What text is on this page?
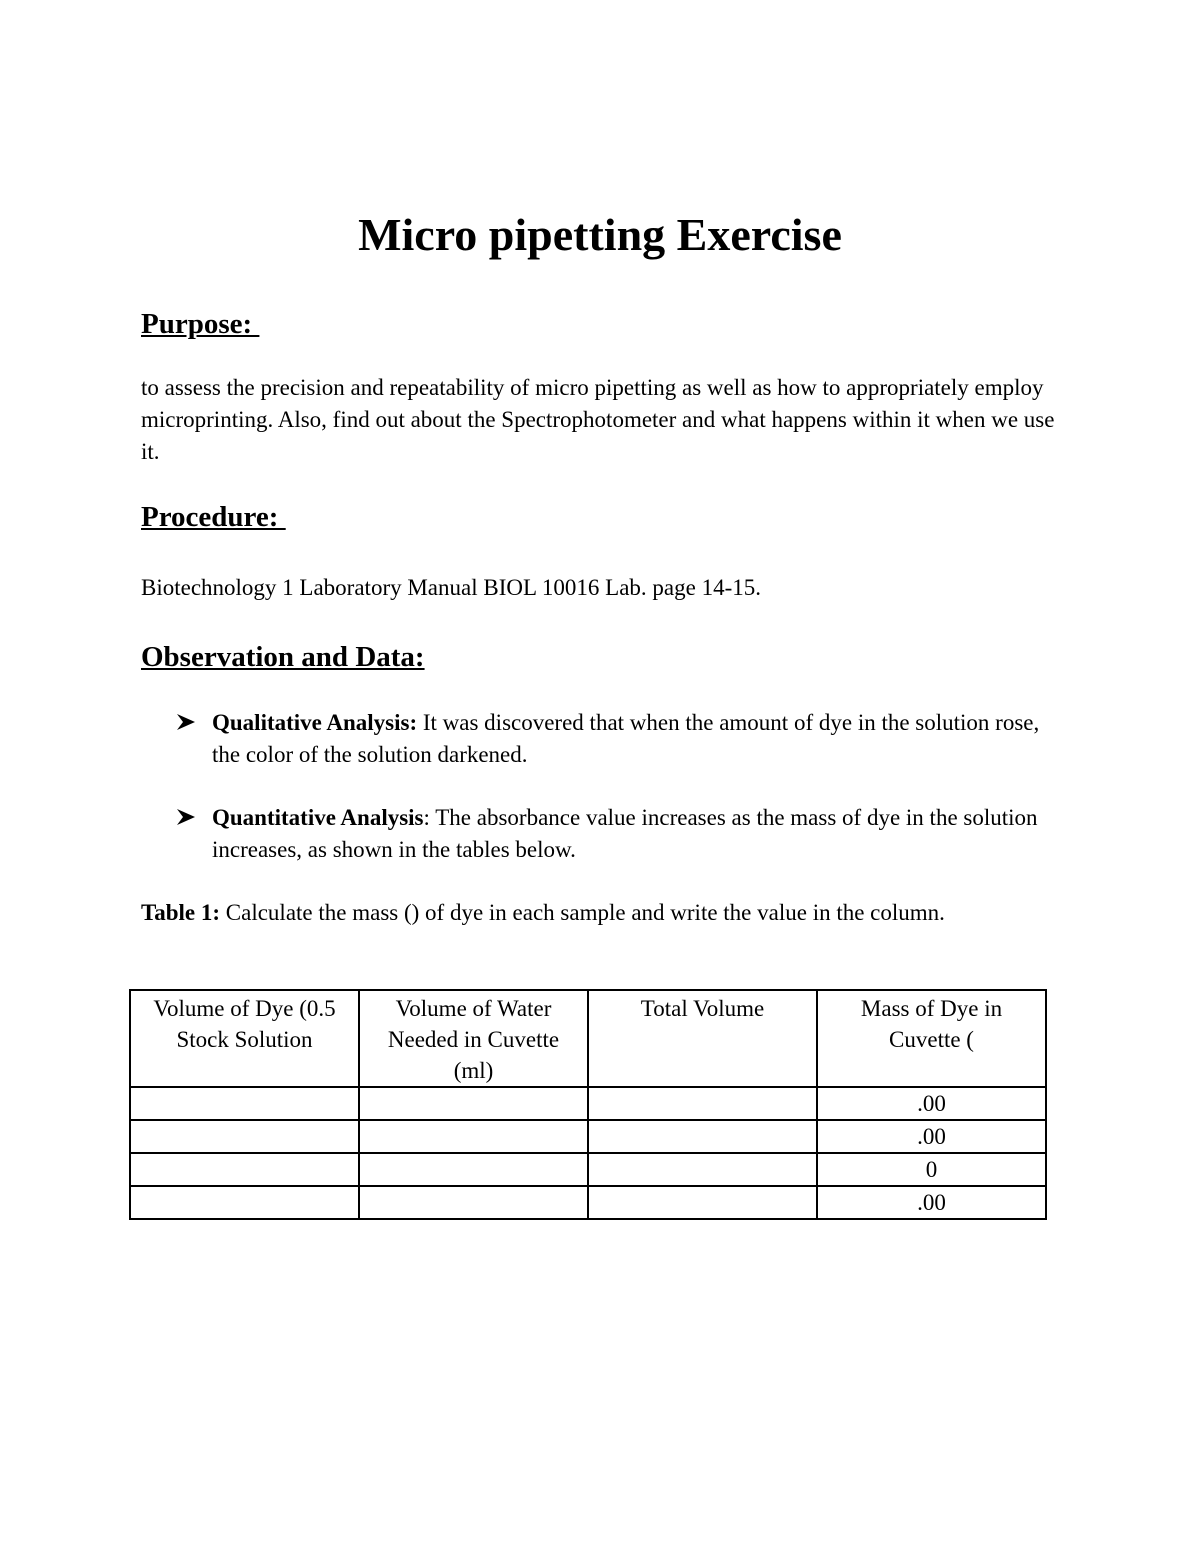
Micro pipetting Exercise
Purpose:

to assess the precision and repeatability of micro pipetting as well as how to appropriately employ microprinting. Also, find out about the Spectrophotometer and what happens within it when we use it.

Procedure:

Biotechnology 1 Laboratory Manual BIOL 10016 Lab. page 14-15.

Observation and Data:
Qualitative Analysis: It was discovered that when the amount of dye in the solution rose, the color of the solution darkened.
Quantitative Analysis: The absorbance value increases as the mass of dye in the solution increases, as shown in the tables below.

Table 1: Calculate the mass () of dye in each sample and write the value in the column.

Volume of Dye (0.5 Stock Solution	Volume of Water Needed in Cuvette (ml)	Total Volume	Mass of Dye in Cuvette (
			.00
			.00
			0
			.00
